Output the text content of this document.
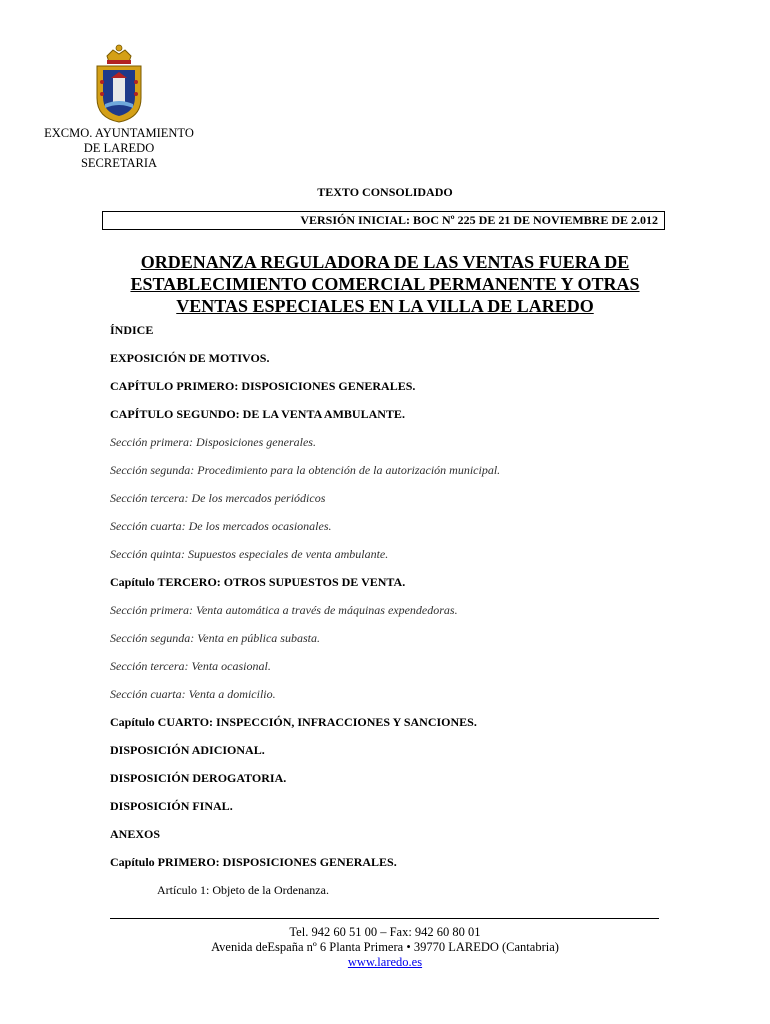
EXCMO. AYUNTAMIENTO
DE LAREDO
SECRETARIA
TEXTO CONSOLIDADO
VERSIÓN INICIAL: BOC Nº 225 DE 21 DE NOVIEMBRE DE 2.012
ORDENANZA REGULADORA DE LAS VENTAS FUERA DE
ESTABLECIMIENTO COMERCIAL PERMANENTE Y OTRAS
VENTAS ESPECIALES EN LA VILLA DE LAREDO
ÍNDICE
EXPOSICIÓN DE MOTIVOS.
CAPÍTULO PRIMERO: DISPOSICIONES GENERALES.
CAPÍTULO SEGUNDO: DE LA VENTA AMBULANTE.
Sección primera: Disposiciones generales.
Sección segunda: Procedimiento para la obtención de la autorización municipal.
Sección tercera: De los mercados periódicos
Sección cuarta: De los mercados ocasionales.
Sección quinta: Supuestos especiales de venta ambulante.
Capítulo TERCERO: OTROS SUPUESTOS DE VENTA.
Sección primera: Venta automática a través de máquinas expendedoras.
Sección segunda: Venta en pública subasta.
Sección tercera: Venta ocasional.
Sección cuarta: Venta a domicilio.
Capítulo CUARTO: INSPECCIÓN, INFRACCIONES Y SANCIONES.
DISPOSICIÓN ADICIONAL.
DISPOSICIÓN DEROGATORIA.
DISPOSICIÓN FINAL.
ANEXOS
Capítulo PRIMERO: DISPOSICIONES GENERALES.
Artículo 1: Objeto de la Ordenanza.
Tel. 942 60 51 00 – Fax: 942 60 80 01
Avenida deEspaña nº 6 Planta Primera • 39770 LAREDO (Cantabria)
www.laredo.es
